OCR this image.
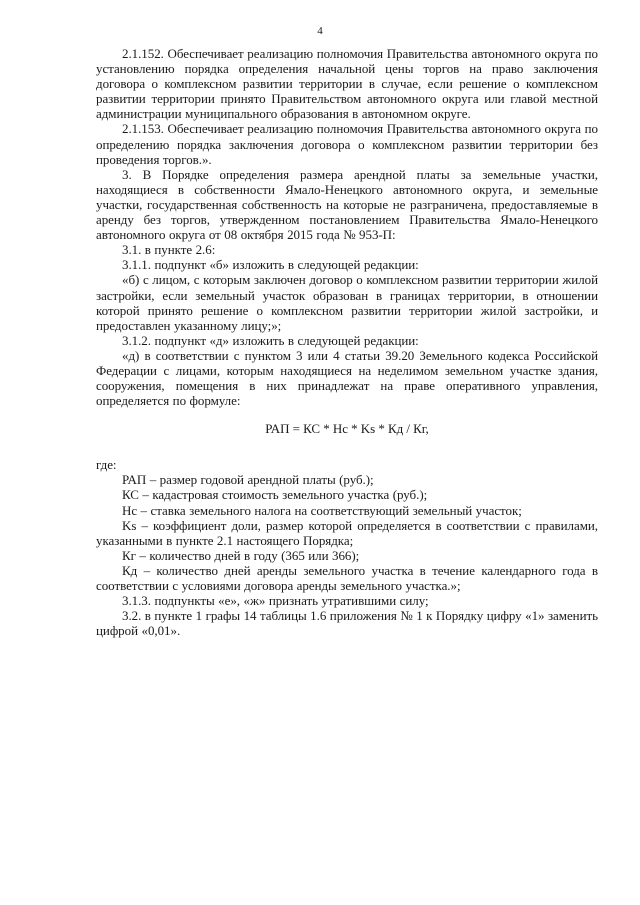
4

2.1.152. Обеспечивает реализацию полномочия Правительства автономного округа по установлению порядка определения начальной цены торгов на право заключения договора о комплексном развитии территории в случае, если решение о комплексном развитии территории принято Правительством автономного округа или главой местной администрации муниципального образования в автономном округе.

2.1.153. Обеспечивает реализацию полномочия Правительства автономного округа по определению порядка заключения договора о комплексном развитии территории без проведения торгов.».

3. В Порядке определения размера арендной платы за земельные участки, находящиеся в собственности Ямало-Ненецкого автономного округа, и земельные участки, государственная собственность на которые не разграничена, предоставляемые в аренду без торгов, утвержденном постановлением Правительства Ямало-Ненецкого автономного округа от 08 октября 2015 года № 953-П:

3.1. в пункте 2.6:

3.1.1. подпункт «б» изложить в следующей редакции:

«б) с лицом, с которым заключен договор о комплексном развитии территории жилой застройки, если земельный участок образован в границах территории, в отношении которой принято решение о комплексном развитии территории жилой застройки, и предоставлен указанному лицу;»;

3.1.2. подпункт «д» изложить в следующей редакции:

«д) в соответствии с пунктом 3 или 4 статьи 39.20 Земельного кодекса Российской Федерации с лицами, которым находящиеся на неделимом земельном участке здания, сооружения, помещения в них принадлежат на праве оперативного управления, определяется по формуле:

РАП = КС * Нс * Ks * Кд / Кг,

где:

РАП – размер годовой арендной платы (руб.);

КС – кадастровая стоимость земельного участка (руб.);

Нс – ставка земельного налога на соответствующий земельный участок;

Ks – коэффициент доли, размер которой определяется в соответствии с правилами, указанными в пункте 2.1 настоящего Порядка;

Кг – количество дней в году (365 или 366);

Кд – количество дней аренды земельного участка в течение календарного года в соответствии с условиями договора аренды земельного участка.»;

3.1.3. подпункты «е», «ж» признать утратившими силу;

3.2. в пункте 1 графы 14 таблицы 1.6 приложения № 1 к Порядку цифру «1» заменить цифрой «0,01».
